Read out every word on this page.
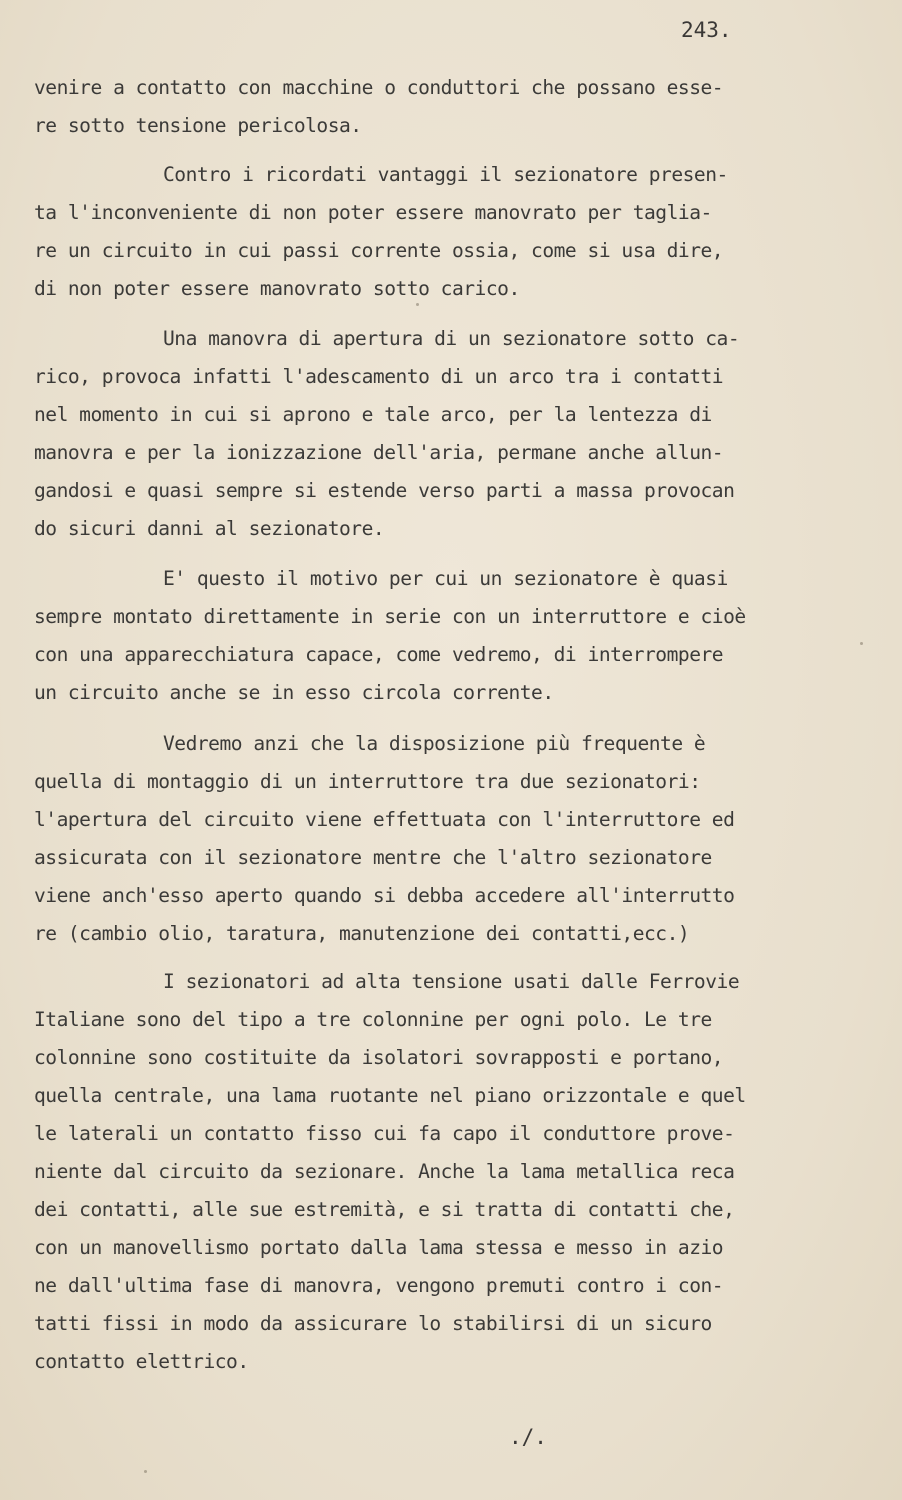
243.
venire a contatto con macchine o conduttori che possano esse-
re sotto tensione pericolosa.
Contro i ricordati vantaggi il sezionatore presen-
ta l'inconveniente di non poter essere manovrato per taglia-
re un circuito in cui passi corrente ossia, come si usa dire,
di non poter essere manovrato sotto carico.
Una manovra di apertura di un sezionatore sotto ca-
rico, provoca infatti l'adescamento di un arco tra i contatti
nel momento in cui si aprono e tale arco, per la lentezza di
manovra e per la ionizzazione dell'aria, permane anche allun-
gandosi e quasi sempre si estende verso parti a massa provocan
do sicuri danni al sezionatore.
E' questo il motivo per cui un sezionatore è quasi
sempre montato direttamente in serie con un interruttore e cioè
con una apparecchiatura capace, come vedremo, di interrompere
un circuito anche se in esso circola corrente.
Vedremo anzi che la disposizione più frequente è
quella di montaggio di un interruttore tra due sezionatori:
l'apertura del circuito viene effettuata con l'interruttore ed
assicurata con il sezionatore mentre che l'altro sezionatore
viene anch'esso aperto quando si debba accedere all'interrutto
re (cambio olio, taratura, manutenzione dei contatti,ecc.)
I sezionatori ad alta tensione usati dalle Ferrovie
Italiane sono del tipo a tre colonnine per ogni polo. Le tre
colonnine sono costituite da isolatori sovrapposti e portano,
quella centrale, una lama ruotante nel piano orizzontale e quel
le laterali un contatto fisso cui fa capo il conduttore prove-
niente dal circuito da sezionare. Anche la lama metallica reca
dei contatti, alle sue estremità, e si tratta di contatti che,
con un manovellismo portato dalla lama stessa e messo in azio
ne dall'ultima fase di manovra, vengono premuti contro i con-
tatti fissi in modo da assicurare lo stabilirsi di un sicuro
contatto elettrico.
./.
